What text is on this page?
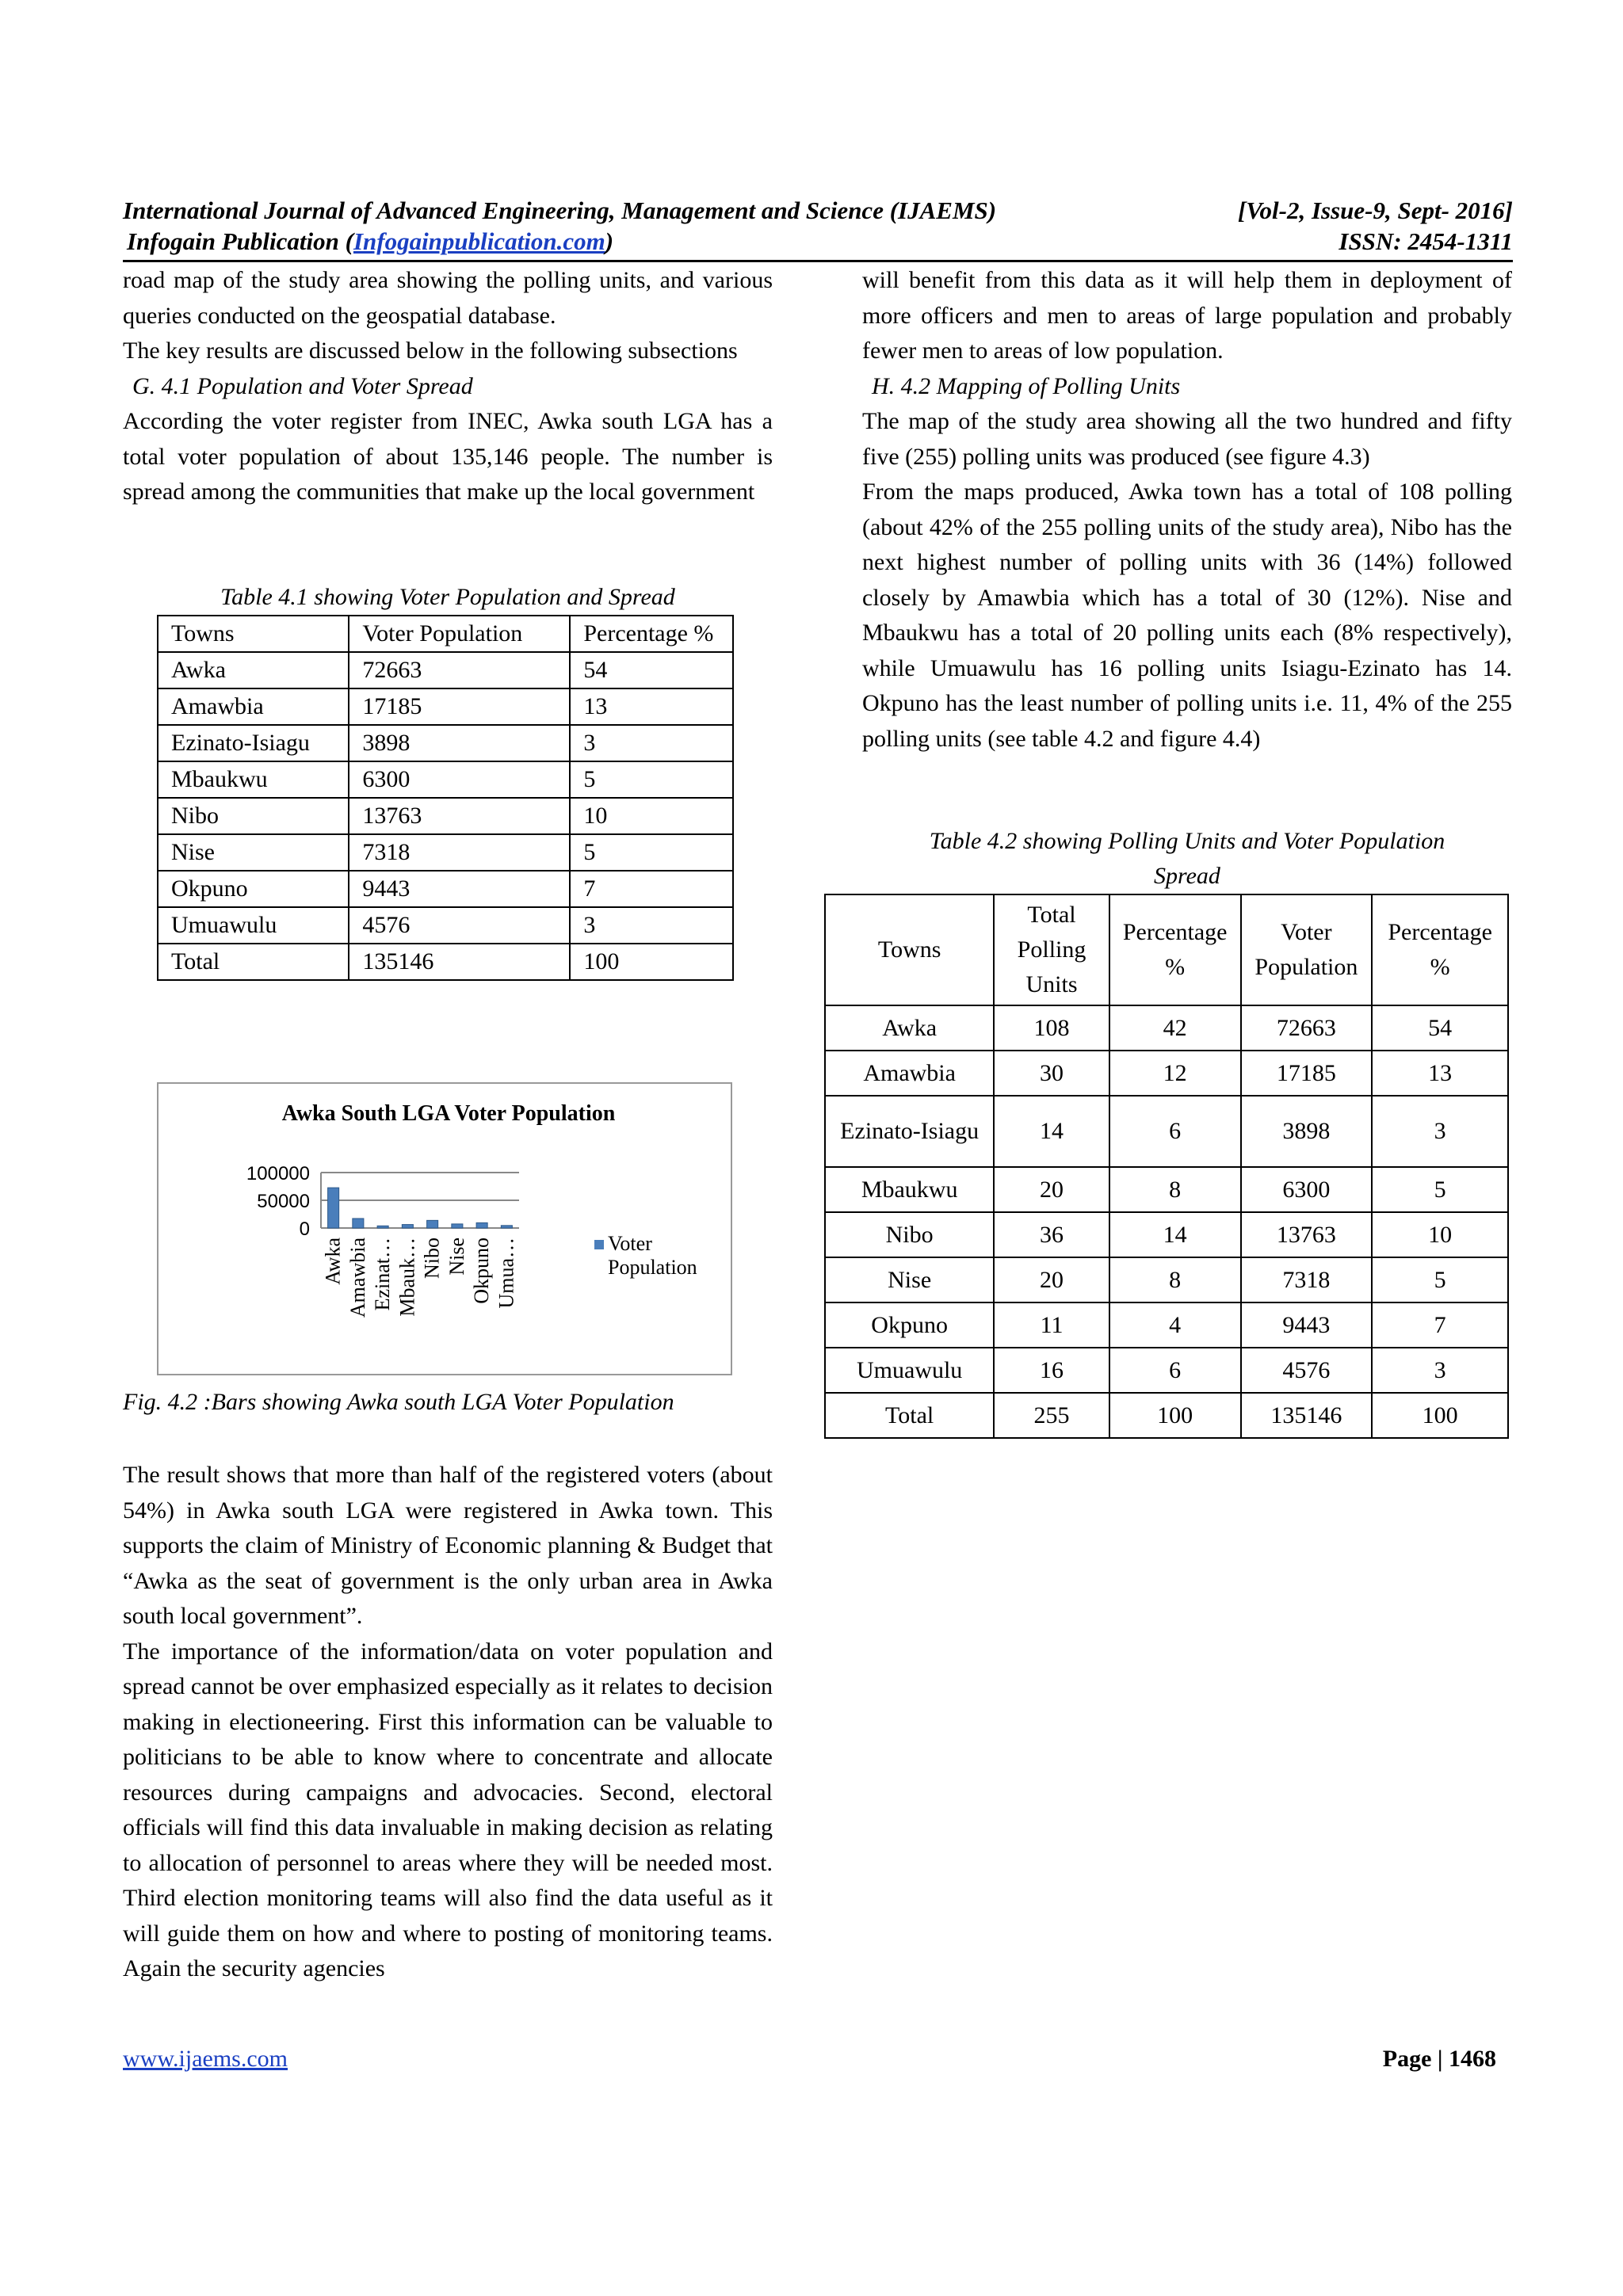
International Journal of Advanced Engineering, Management and Science (IJAEMS)	[Vol-2, Issue-9, Sept- 2016]
Infogain Publication (Infogainpublication.com)	ISSN: 2454-1311

road map of the study area showing the polling units, and various queries conducted on the geospatial database.

The key results are discussed below in the following subsections

G. 4.1 Population and Voter Spread

According the voter register from INEC, Awka south LGA has a total voter population of about 135,146 people. The number is spread among the communities that make up the local government

Table 4.1 showing Voter Population and Spread
Towns	Voter Population	Percentage %
Awka	72663	54
Amawbia	17185	13
Ezinato-Isiagu	3898	3
Mbaukwu	6300	5
Nibo	13763	10
Nise	7318	5
Okpuno	9443	7
Umuawulu	4576	3
Total	135146	100
Awka South LGA Voter Population
100000
50000
0
Awka Amawbia Ezinat… Mbauk… Nibo Nise Okpuno Umua…	Voter
Population
Fig. 4.2 :Bars showing Awka south LGA Voter Population

The result shows that more than half of the registered voters (about 54%) in Awka south LGA were registered in Awka town. This supports the claim of Ministry of Economic planning & Budget that “Awka as the seat of government is the only urban area in Awka south local government”.

The importance of the information/data on voter population and spread cannot be over emphasized especially as it relates to decision making in electioneering. First this information can be valuable to politicians to be able to know where to concentrate and allocate resources during campaigns and advocacies. Second, electoral officials will find this data invaluable in making decision as relating to allocation of personnel to areas where they will be needed most. Third election monitoring teams will also find the data useful as it will guide them on how and where to posting of monitoring teams. Again the security agencies

will benefit from this data as it will help them in deployment of more officers and men to areas of large population and probably fewer men to areas of low population.

H. 4.2 Mapping of Polling Units

The map of the study area showing all the two hundred and fifty five (255) polling units was produced (see figure 4.3)

From the maps produced, Awka town has a total of 108 polling (about 42% of the 255 polling units of the study area), Nibo has the next highest number of polling units with 36 (14%) followed closely by Amawbia which has a total of 30 (12%). Nise and Mbaukwu has a total of 20 polling units each (8% respectively), while Umuawulu has 16 polling units Isiagu-Ezinato has 14. Okpuno has the least number of polling units i.e. 11, 4% of the 255 polling units (see table 4.2 and figure 4.4)

Table 4.2 showing Polling Units and Voter Population
Spread
Towns	Total Polling Units	Percentage %	Voter Population	Percentage %
Awka	108	42	72663	54
Amawbia	30	12	17185	13
Ezinato-Isiagu	14	6	3898	3
Mbaukwu	20	8	6300	5
Nibo	36	14	13763	10
Nise	20	8	7318	5
Okpuno	11	4	9443	7
Umuawulu	16	6	4576	3
Total	255	100	135146	100
www.ijaems.com	Page | 1468
